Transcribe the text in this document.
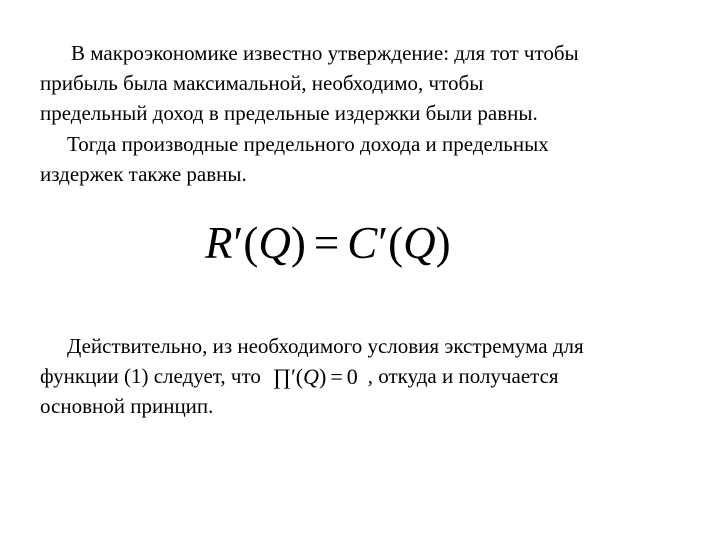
В макроэкономике известно утверждение: для тот чтобы
прибыль была максимальной, необходимо, чтобы
предельный доход в предельные издержки были равны.

Тогда производные предельного дохода и предельных
издержек также равны.

R′(Q) = C′(Q)

Действительно, из необходимого условия экстремума для
функции (1) следует, что ∏′(Q) = 0 , откуда и получается
основной принцип.
